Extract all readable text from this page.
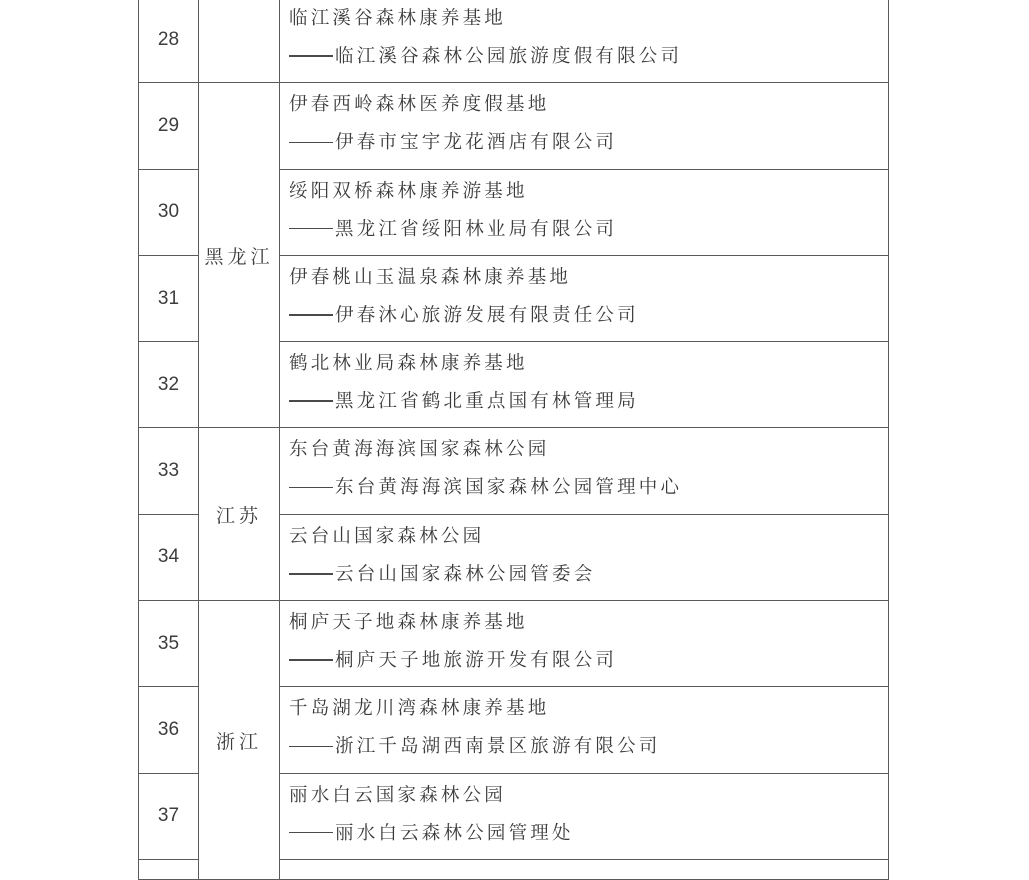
28		临江溪谷森林康养基地
临江溪谷森林公园旅游度假有限公司

29	黑龙江	伊春西岭森林医养度假基地
伊春市宝宇龙花酒店有限公司

30		绥阳双桥森林康养游基地
黑龙江省绥阳林业局有限公司

31		伊春桃山玉温泉森林康养基地
伊春沐心旅游发展有限责任公司

32		鹤北林业局森林康养基地
黑龙江省鹤北重点国有林管理局

33	江苏	东台黄海海滨国家森林公园
东台黄海海滨国家森林公园管理中心

34		云台山国家森林公园
云台山国家森林公园管委会

35	浙江	桐庐天子地森林康养基地
桐庐天子地旅游开发有限公司

36		千岛湖龙川湾森林康养基地
浙江千岛湖西南景区旅游有限公司

37		丽水白云国家森林公园
丽水白云森林公园管理处
